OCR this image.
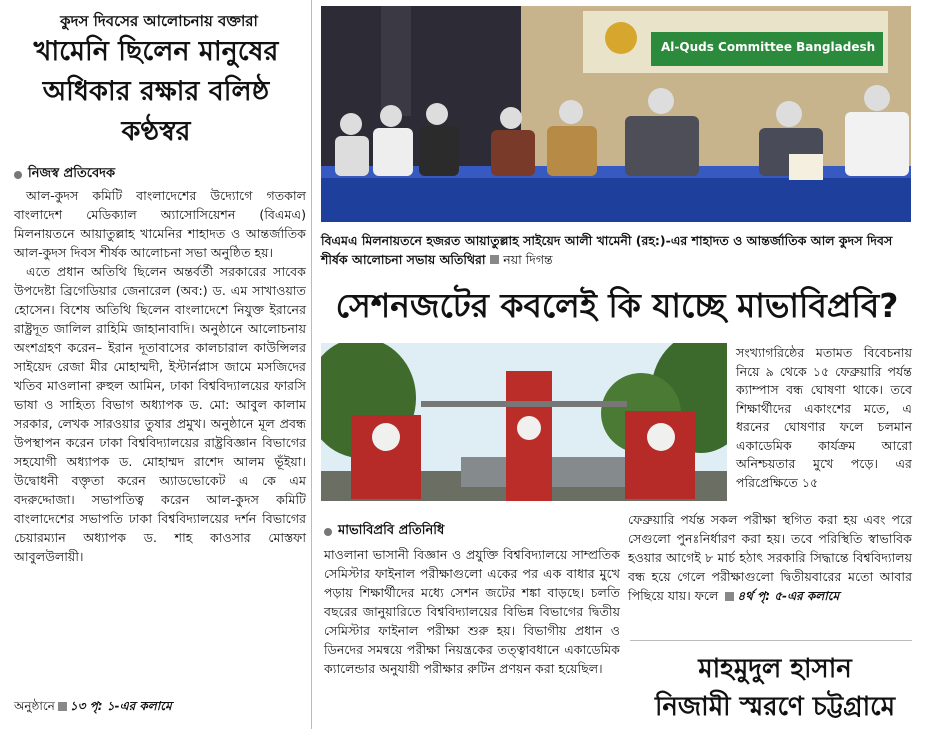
কুদস দিবসের আলোচনায় বক্তারা
খামেনি ছিলেন মানুষের
অধিকার রক্ষার বলিষ্ঠ
কণ্ঠস্বর
নিজস্ব প্রতিবেদক

আল-কুদস কমিটি বাংলাদেশের উদ্যোগে গতকাল বাংলাদেশ মেডিক্যাল অ্যাসোসিয়েশন (বিএমএ) মিলনায়তনে আয়াতুল্লাহ খামেনির শাহাদত ও আন্তর্জাতিক আল-কুদস দিবস শীর্ষক আলোচনা সভা অনুষ্ঠিত হয়।

এতে প্রধান অতিথি ছিলেন অন্তর্বর্তী সরকারের সাবেক উপদেষ্টা ব্রিগেডিয়ার জেনারেল (অব:) ড. এম সাখাওয়াত হোসেন। বিশেষ অতিথি ছিলেন বাংলাদেশে নিযুক্ত ইরানের রাষ্ট্রদূত জালিল রাহিমি জাহানাবাদি। অনুষ্ঠানে আলোচনায় অংশগ্রহণ করেন– ইরান দূতাবাসের কালচারাল কাউন্সিলর সাইয়েদ রেজা মীর মোহাম্মদী, ইস্টার্নপ্লাস জামে মসজিদের খতিব মাওলানা রুহুল আমিন, ঢাকা বিশ্ববিদ্যালয়ের ফারসি ভাষা ও সাহিত্য বিভাগ অধ্যাপক ড. মো: আবুল কালাম সরকার, লেখক সারওয়ার তুষার প্রমুখ। অনুষ্ঠানে মূল প্রবন্ধ উপস্থাপন করেন ঢাকা বিশ্ববিদ্যালয়ের রাষ্ট্রবিজ্ঞান বিভাগের সহযোগী অধ্যাপক ড. মোহাম্মদ রাশেদ আলম ভূঁইয়া। উদ্বোধনী বক্তৃতা করেন অ্যাডভোকেট এ কে এম বদরুদ্দোজা। সভাপতিত্ব করেন আল-কুদস কমিটি বাংলাদেশের সভাপতি ঢাকা বিশ্ববিদ্যালয়ের দর্শন বিভাগের চেয়ারম্যান অধ্যাপক ড. শাহ কাওসার মোস্তফা আবুলউলায়ী।

অনুষ্ঠানে ১৩ পৃ: ১-এর কলামে
Al-Quds Committee Bangladesh
বিএমএ মিলনায়তনে হজরত আয়াতুল্লাহ সাইয়েদ আলী খামেনী (রহ:)-এর শাহাদত ও আন্তর্জাতিক আল কুদস দিবস শীর্ষক আলোচনা সভায় অতিথিরা নয়া দিগন্ত
সেশনজটের কবলেই কি যাচ্ছে মাভাবিপ্রবি?
সংখ্যাগরিষ্ঠের মতামত বিবেচনায় নিয়ে ৯ থেকে ১৫ ফেব্রুয়ারি পর্যন্ত ক্যাম্পাস বন্ধ ঘোষণা থাকে। তবে শিক্ষার্থীদের একাংশের মতে, এ ধরনের ঘোষণার ফলে চলমান একাডেমিক কার্যক্রম আরো অনিশ্চয়তার মুখে পড়ে। এর পরিপ্রেক্ষিতে ১৫
মাভাবিপ্রবি প্রতিনিধি
মাওলানা ভাসানী বিজ্ঞান ও প্রযুক্তি বিশ্ববিদ্যালয়ে সাম্প্রতিক সেমিস্টার ফাইনাল পরীক্ষাগুলো একের পর এক বাধার মুখে পড়ায় শিক্ষার্থীদের মধ্যে সেশন জটের শঙ্কা বাড়ছে। চলতি বছরের জানুয়ারিতে বিশ্ববিদ্যালয়ের বিভিন্ন বিভাগের দ্বিতীয় সেমিস্টার ফাইনাল পরীক্ষা শুরু হয়। বিভাগীয় প্রধান ও ডিনদের সমন্বয়ে পরীক্ষা নিয়ন্ত্রকের তত্ত্বাবধানে একাডেমিক ক্যালেন্ডার অনুযায়ী পরীক্ষার রুটিন প্রণয়ন করা হয়েছিল।
ফেব্রুয়ারি পর্যন্ত সকল পরীক্ষা স্থগিত করা হয় এবং পরে সেগুলো পুনঃনির্ধারণ করা হয়। তবে পরিস্থিতি স্বাভাবিক হওয়ার আগেই ৮ মার্চ হঠাৎ সরকারি সিদ্ধান্তে বিশ্ববিদ্যালয় বন্ধ হয়ে গেলে পরীক্ষাগুলো দ্বিতীয়বারের মতো আবার পিছিয়ে যায়। ফলে ৪র্থ পৃ: ৫-এর কলামে
মাহমুদুল হাসান
নিজামী স্মরণে চট্টগ্রামে
